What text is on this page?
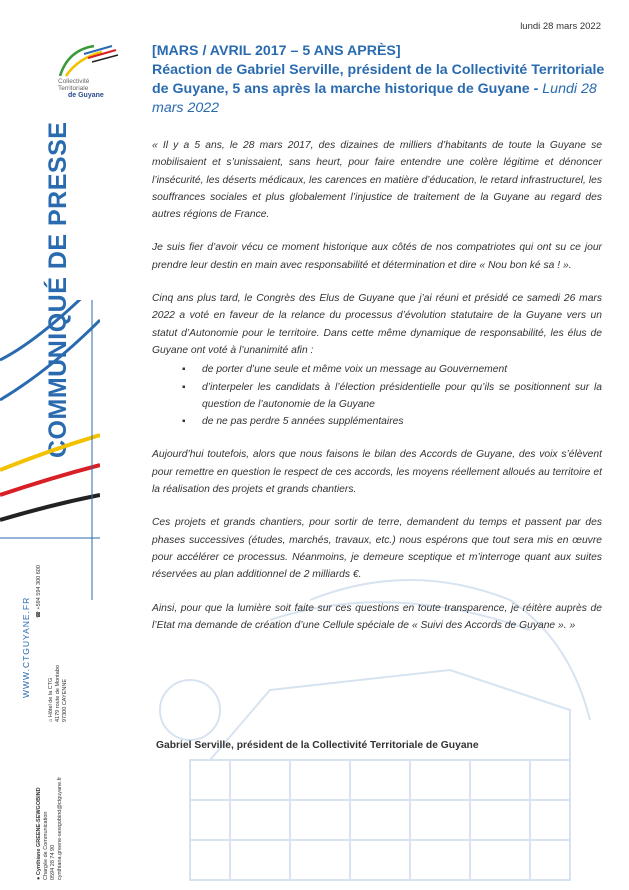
lundi 28 mars 2022
Collectivité
Territoriale
de Guyane
COMMUNIQUÉ DE PRESSE
WWW.CTGUYANE.FR ☎ +594 594 300 600
⌂ Hôtel de la CTG
4179 route de Montabo
97300 CAYENNE
● Cynthiane GREENE-SEWGOBIND
Chargée de Communication
0594 28 74 90
cynthiana.greene-sewgobind@ctguyane.fr
[MARS / AVRIL 2017 – 5 ANS APRÈS]
Réaction de Gabriel Serville, président de la Collectivité Territoriale de Guyane, 5 ans après la marche historique de Guyane - Lundi 28 mars 2022

« Il y a 5 ans, le 28 mars 2017, des dizaines de milliers d’habitants de toute la Guyane se mobilisaient et s’unissaient, sans heurt, pour faire entendre une colère légitime et dénoncer l’insécurité, les déserts médicaux, les carences en matière d’éducation, le retard infrastructurel, les souffrances sociales et plus globalement l’injustice de traitement de la Guyane au regard des autres régions de France.

Je suis fier d’avoir vécu ce moment historique aux côtés de nos compatriotes qui ont su ce jour prendre leur destin en main avec responsabilité et détermination et dire « Nou bon ké sa ! ».

Cinq ans plus tard, le Congrès des Elus de Guyane que j’ai réuni et présidé ce samedi 26 mars 2022 a voté en faveur de la relance du processus d’évolution statutaire de la Guyane vers un statut d’Autonomie pour le territoire. Dans cette même dynamique de responsabilité, les élus de Guyane ont voté à l’unanimité afin :

▪ de porter d’une seule et même voix un message au Gouvernement
▪ d’interpeler les candidats à l’élection présidentielle pour qu’ils se positionnent sur la question de l’autonomie de la Guyane
▪ de ne pas perdre 5 années supplémentaires

Aujourd’hui toutefois, alors que nous faisons le bilan des Accords de Guyane, des voix s’élèvent pour remettre en question le respect de ces accords, les moyens réellement alloués au territoire et la réalisation des projets et grands chantiers.

Ces projets et grands chantiers, pour sortir de terre, demandent du temps et passent par des phases successives (études, marchés, travaux, etc.) nous espérons que tout sera mis en œuvre pour accélérer ce processus. Néanmoins, je demeure sceptique et m’interroge quant aux suites réservées au plan additionnel de 2 milliards €.

Ainsi, pour que la lumière soit faite sur ces questions en toute transparence, je réitère auprès de l’Etat ma demande de création d’une Cellule spéciale de « Suivi des Accords de Guyane ». »

Gabriel Serville, président de la Collectivité Territoriale de Guyane
